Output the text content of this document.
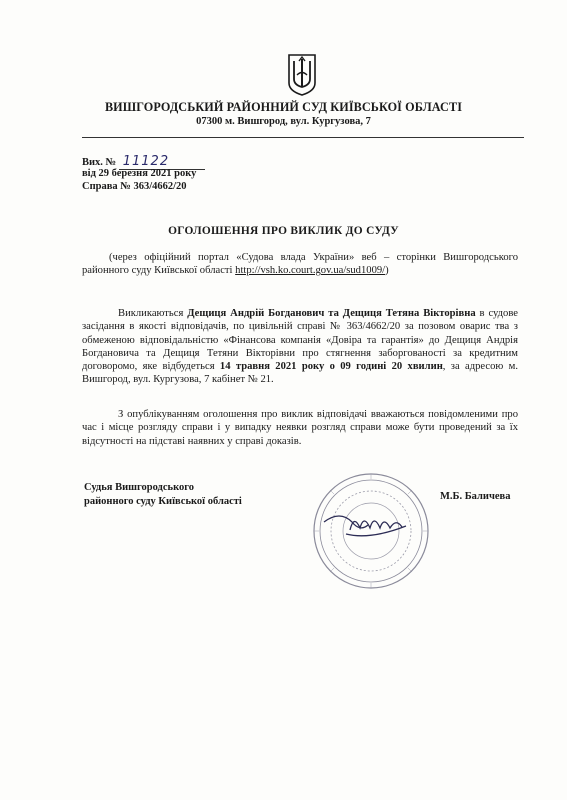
ВИШГОРОДСЬКИЙ РАЙОННИЙ СУД КИЇВСЬКОЇ ОБЛАСТІ
07300 м. Вишгород, вул. Кургузова, 7
Вих. № 11122
від 29 березня 2021 року
Справа № 363/4662/20
ОГОЛОШЕННЯ ПРО ВИКЛИК ДО СУДУ
(через офіційний портал «Судова влада України» веб – сторінки Вишгородського районного суду Київської області http://vsh.ko.court.gov.ua/sud1009/)
Викликаються Дещиця Андрій Богданович та Дещиця Тетяна Вікторівна в судове засідання в якості відповідачів, по цивільній справі № 363/4662/20 за позовом оварис тва з обмеженою відповідальністю «Фінансова компанія «Довіра та гарантія» до Дещиця Андрія Богдановича та Дещиця Тетяни Вікторівни про стягнення заборгованості за кредитним договоромо, яке відбудеться 14 травня 2021 року о 09 годині 20 хвилин, за адресою м. Вишгород, вул. Кургузова, 7 кабінет № 21.
З опублікуванням оголошення про виклик відповідачі вважаються повідомленими про час і місце розгляду справи і у випадку неявки розгляд справи може бути проведений за їх відсутності на підставі наявних у справі доказів.
Судья Вишгородського
районного суду Київської області	М.Б. Баличева
